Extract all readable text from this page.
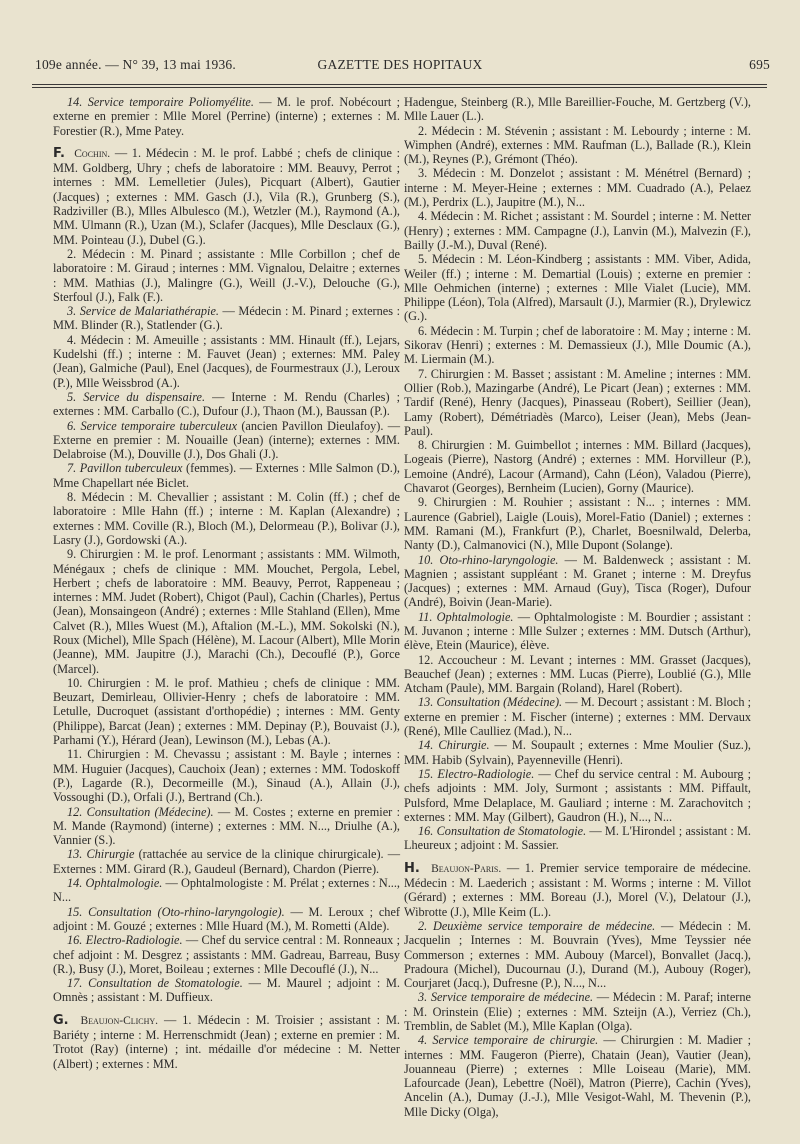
109e année. — N° 39, 13 mai 1936.	GAZETTE DES HOPITAUX	695

14. Service temporaire Poliomyélite. — M. le prof. Nobécourt ; externe en premier : Mlle Morel (Perrine) (interne) ; externes : M. Forestier (R.), Mme Patey.

F. Cochin. — 1. Médecin : M. le prof. Labbé ; chefs de clinique : MM. Goldberg, Uhry ; chefs de laboratoire : MM. Beauvy, Perrot ; internes : MM. Lemelletier (Jules), Picquart (Albert), Gautier (Jacques) ; externes : MM. Gasch (J.), Vila (R.), Grunberg (S.), Radziviller (B.), Mlles Albulesco (M.), Wetzler (M.), Raymond (A.), MM. Ulmann (R.), Uzan (M.), Sclafer (Jacques), Mlle Desclaux (G.), MM. Pointeau (J.), Dubel (G.).

2. Médecin : M. Pinard ; assistante : Mlle Corbillon ; chef de laboratoire : M. Giraud ; internes : MM. Vignalou, Delaitre ; externes : MM. Mathias (J.), Malingre (G.), Weill (J.-V.), Delouche (G.), Sterfoul (J.), Falk (F.).

3. Service de Malariathérapie. — Médecin : M. Pinard ; externes : MM. Blinder (R.), Statlender (G.).

4. Médecin : M. Ameuille ; assistants : MM. Hinault (ff.), Lejars, Kudelshi (ff.) ; interne : M. Fauvet (Jean) ; externes: MM. Paley (Jean), Galmiche (Paul), Enel (Jacques), de Fourmestraux (J.), Leroux (P.), Mlle Weissbrod (A.).

5. Service du dispensaire. — Interne : M. Rendu (Charles) ; externes : MM. Carballo (C.), Dufour (J.), Thaon (M.), Baussan (P.).

6. Service temporaire tuberculeux (ancien Pavillon Dieulafoy). — Externe en premier : M. Nouaille (Jean) (interne); externes : MM. Delabroise (M.), Douville (J.), Dos Ghali (J.).

7. Pavillon tuberculeux (femmes). — Externes : Mlle Salmon (D.), Mme Chapellart née Biclet.

8. Médecin : M. Chevallier ; assistant : M. Colin (ff.) ; chef de laboratoire : Mlle Hahn (ff.) ; interne : M. Kaplan (Alexandre) ; externes : MM. Coville (R.), Bloch (M.), Delormeau (P.), Bolivar (J.), Lasry (J.), Gordowski (A.).

9. Chirurgien : M. le prof. Lenormant ; assistants : MM. Wilmoth, Ménégaux ; chefs de clinique : MM. Mouchet, Pergola, Lebel, Herbert ; chefs de laboratoire : MM. Beauvy, Perrot, Rappeneau ; internes : MM. Judet (Robert), Chigot (Paul), Cachin (Charles), Pertus (Jean), Monsaingeon (André) ; externes : Mlle Stahland (Ellen), Mme Calvet (R.), Mlles Wuest (M.), Aftalion (M.-L.), MM. Sokolski (N.), Roux (Michel), Mlle Spach (Hélène), M. Lacour (Albert), Mlle Morin (Jeanne), MM. Jaupitre (J.), Marachi (Ch.), Decouflé (P.), Gorce (Marcel).

10. Chirurgien : M. le prof. Mathieu ; chefs de clinique : MM. Beuzart, Demirleau, Ollivier-Henry ; chefs de laboratoire : MM. Letulle, Ducroquet (assistant d'orthopédie) ; internes : MM. Genty (Philippe), Barcat (Jean) ; externes : MM. Depinay (P.), Bouvaist (J.), Parhami (Y.), Hérard (Jean), Lewinson (M.), Lebas (A.).

11. Chirurgien : M. Chevassu ; assistant : M. Bayle ; internes : MM. Huguier (Jacques), Cauchoix (Jean) ; externes : MM. Todoskoff (P.), Lagarde (R.), Decormeille (M.), Sinaud (A.), Allain (J.), Vossoughi (D.), Orfali (J.), Bertrand (Ch.).

12. Consultation (Médecine). — M. Costes ; externe en premier : M. Mande (Raymond) (interne) ; externes : MM. N..., Driulhe (A.), Vannier (S.).

13. Chirurgie (rattachée au service de la clinique chirurgicale). — Externes : MM. Girard (R.), Gaudeul (Bernard), Chardon (Pierre).

14. Ophtalmologie. — Ophtalmologiste : M. Prélat ; externes : N..., N...

15. Consultation (Oto-rhino-laryngologie). — M. Leroux ; chef adjoint : M. Gouzé ; externes : Mlle Huard (M.), M. Rometti (Alde).

16. Electro-Radiologie. — Chef du service central : M. Ronneaux ; chef adjoint : M. Desgrez ; assistants : MM. Gadreau, Barreau, Busy (R.), Busy (J.), Moret, Boileau ; externes : Mlle Decouflé (J.), N...

17. Consultation de Stomatologie. — M. Maurel ; adjoint : M. Omnès ; assistant : M. Duffieux.

G. Beaujon-Clichy. — 1. Médecin : M. Troisier ; assistant : M. Bariéty ; interne : M. Herrenschmidt (Jean) ; externe en premier : M. Trotot (Ray) (interne) ; int. médaille d'or médecine : M. Netter (Albert) ; externes : MM.

Hadengue, Steinberg (R.), Mlle Bareillier-Fouche, M. Gertzberg (V.), Mlle Lauer (L.).

2. Médecin : M. Stévenin ; assistant : M. Lebourdy ; interne : M. Wimphen (André), externes : MM. Raufman (L.), Ballade (R.), Klein (M.), Reynes (P.), Grémont (Théo).

3. Médecin : M. Donzelot ; assistant : M. Ménétrel (Bernard) ; interne : M. Meyer-Heine ; externes : MM. Cuadrado (A.), Pelaez (M.), Perdrix (L.), Jaupitre (M.), N...

4. Médecin : M. Richet ; assistant : M. Sourdel ; interne : M. Netter (Henry) ; externes : MM. Campagne (J.), Lanvin (M.), Malvezin (F.), Bailly (J.-M.), Duval (René).

5. Médecin : M. Léon-Kindberg ; assistants : MM. Viber, Adida, Weiler (ff.) ; interne : M. Demartial (Louis) ; externe en premier : Mlle Oehmichen (interne) ; externes : Mlle Vialet (Lucie), MM. Philippe (Léon), Tola (Alfred), Marsault (J.), Marmier (R.), Drylewicz (G.).

6. Médecin : M. Turpin ; chef de laboratoire : M. May ; interne : M. Sikorav (Henri) ; externes : M. Demassieux (J.), Mlle Doumic (A.), M. Liermain (M.).

7. Chirurgien : M. Basset ; assistant : M. Ameline ; internes : MM. Ollier (Rob.), Mazingarbe (André), Le Picart (Jean) ; externes : MM. Tardif (René), Henry (Jacques), Pinasseau (Robert), Seillier (Jean), Lamy (Robert), Démétriadès (Marco), Leiser (Jean), Mebs (Jean-Paul).

8. Chirurgien : M. Guimbellot ; internes : MM. Billard (Jacques), Logeais (Pierre), Nastorg (André) ; externes : MM. Horvilleur (P.), Lemoine (André), Lacour (Armand), Cahn (Léon), Valadou (Pierre), Chavarot (Georges), Bernheim (Lucien), Gorny (Maurice).

9. Chirurgien : M. Rouhier ; assistant : N... ; internes : MM. Laurence (Gabriel), Laigle (Louis), Morel-Fatio (Daniel) ; externes : MM. Ramani (M.), Frankfurt (P.), Charlet, Boesnilwald, Delerba, Nanty (D.), Calmanovici (N.), Mlle Dupont (Solange).

10. Oto-rhino-laryngologie. — M. Baldenweck ; assistant : M. Magnien ; assistant suppléant : M. Granet ; interne : M. Dreyfus (Jacques) ; externes : MM. Arnaud (Guy), Tisca (Roger), Dufour (André), Boivin (Jean-Marie).

11. Ophtalmologie. — Ophtalmologiste : M. Bourdier ; assistant : M. Juvanon ; interne : Mlle Sulzer ; externes : MM. Dutsch (Arthur), élève, Etein (Maurice), élève.

12. Accoucheur : M. Levant ; internes : MM. Grasset (Jacques), Beauchef (Jean) ; externes : MM. Lucas (Pierre), Loublié (G.), Mlle Atcham (Paule), MM. Bargain (Roland), Harel (Robert).

13. Consultation (Médecine). — M. Decourt ; assistant : M. Bloch ; externe en premier : M. Fischer (interne) ; externes : MM. Dervaux (René), Mlle Caulliez (Mad.), N...

14. Chirurgie. — M. Soupault ; externes : Mme Moulier (Suz.), MM. Habib (Sylvain), Payenneville (Henri).

15. Electro-Radiologie. — Chef du service central : M. Aubourg ; chefs adjoints : MM. Joly, Surmont ; assistants : MM. Piffault, Pulsford, Mme Delaplace, M. Gauliard ; interne : M. Zarachovitch ; externes : MM. May (Gilbert), Gaudron (H.), N..., N...

16. Consultation de Stomatologie. — M. L'Hirondel ; assistant : M. Lheureux ; adjoint : M. Sassier.

H. Beaujon-Paris. — 1. Premier service temporaire de médecine. Médecin : M. Laederich ; assistant : M. Worms ; interne : M. Villot (Gérard) ; externes : MM. Boreau (J.), Morel (V.), Delatour (J.), Wibrotte (J.), Mlle Keim (L.).

2. Deuxième service temporaire de médecine. — Médecin : M. Jacquelin ; Internes : M. Bouvrain (Yves), Mme Teyssier née Commerson ; externes : MM. Aubouy (Marcel), Bonvallet (Jacq.), Pradoura (Michel), Ducournau (J.), Durand (M.), Aubouy (Roger), Courjaret (Jacq.), Dufresne (P.), N..., N...

3. Service temporaire de médecine. — Médecin : M. Paraf; interne : M. Orinstein (Elie) ; externes : MM. Szteijn (A.), Verriez (Ch.), Tremblin, de Sablet (M.), Mlle Kaplan (Olga).

4. Service temporaire de chirurgie. — Chirurgien : M. Madier ; internes : MM. Faugeron (Pierre), Chatain (Jean), Vautier (Jean), Jouanneau (Pierre) ; externes : Mlle Loiseau (Marie), MM. Lafourcade (Jean), Lebettre (Noël), Matron (Pierre), Cachin (Yves), Ancelin (A.), Dumay (J.-J.), Mlle Vesigot-Wahl, M. Thevenin (P.), Mlle Dicky (Olga),
